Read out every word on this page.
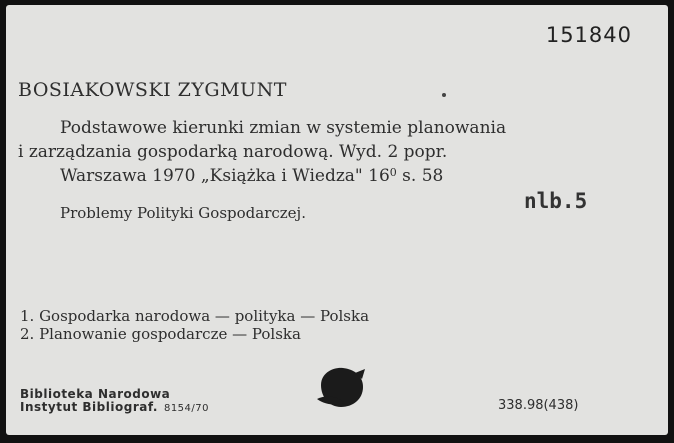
151840
BOSIAKOWSKI ZYGMUNT
Podstawowe kierunki zmian w systemie planowania
i zarządzania gospodarką narodową. Wyd. 2 popr.
Warszawa 1970 „Książka i Wiedza" $16^0$ s. 58
nlb.5
Problemy Polityki Gospodarczej.
1. Gospodarka narodowa — polityka — Polska
2. Planowanie gospodarcze — Polska
Biblioteka Narodowa
Instytut Bibliograf. 8154/70	338.98(438)
